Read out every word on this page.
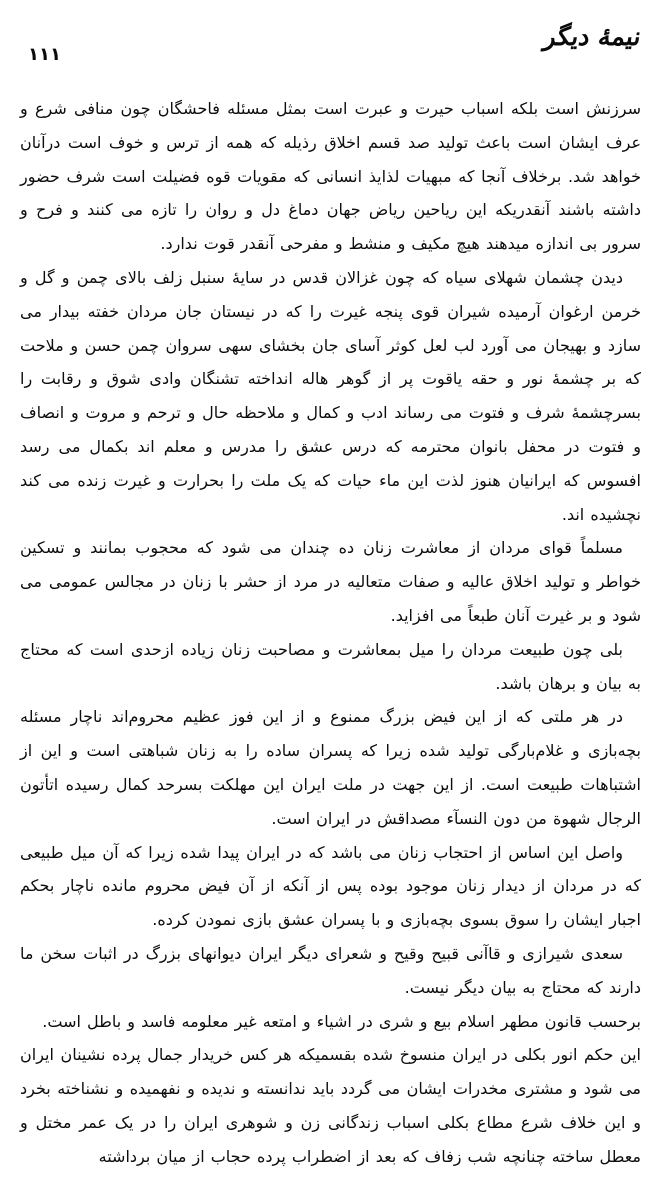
نیمۀ دیگر
۱۱۱

سرزنش است بلکه اسباب حیرت و عبرت است بمثل مسئله فاحشگان چون منافی شرع و عرف ایشان است باعث تولید صد قسم اخلاق رذیله که همه از ترس و خوف است درآنان خواهد شد. برخلاف آنجا که مبهیات لذایذ انسانی که مقویات قوه فضیلت است شرف حضور داشته باشند آنقدریکه این ریاحین ریاض جهان دماغ دل و روان را تازه می کنند و فرح و سرور بی اندازه میدهند هیچ مکیف و منشط و مفرحی آنقدر قوت ندارد.

دیدن چشمان شهلای سیاه که چون غزالان قدس در سایۀ سنبل زلف بالای چمن و گل و خرمن ارغوان آرمیده شیران قوی پنجه غیرت را که در نیستان جان مردان خفته بیدار می سازد و بهیجان می آورد لب لعل کوثر آسای جان بخشای سهی سروان چمن حسن و ملاحت که بر چشمۀ نور و حقه یاقوت پر از گوهر هاله انداخته تشنگان وادی شوق و رقابت را بسرچشمۀ شرف و فتوت می رساند ادب و کمال و ملاحظه حال و ترحم و مروت و انصاف و فتوت در محفل بانوان محترمه که درس عشق را مدرس و معلم اند بکمال می رسد افسوس که ایرانیان هنوز لذت این ماء حیات که یک ملت را بحرارت و غیرت زنده می کند نچشیده اند.

مسلماً قوای مردان از معاشرت زنان ده چندان می شود که محجوب بمانند و تسکین خواطر و تولید اخلاق عالیه و صفات متعالیه در مرد از حشر با زنان در مجالس عمومی می شود و بر غیرت آنان طبعاً می افزاید.

بلی چون طبیعت مردان را میل بمعاشرت و مصاحبت زنان زیاده ازحدی است که محتاج به بیان و برهان باشد.

در هر ملتی که از این فیض بزرگ ممنوع و از این فوز عظیم محروم‌اند ناچار مسئله بچه‌بازی و غلام‌بارگی تولید شده زیرا که پسران ساده را به زنان شباهتی است و این از اشتباهات طبیعت است. از این جهت در ملت ایران این مهلکت بسرحد کمال رسیده اتأتون الرجال شهوة من دون النسآء مصداقش در ایران است.

واصل این اساس از احتجاب زنان می باشد که در ایران پیدا شده زیرا که آن میل طبیعی که در مردان از دیدار زنان موجود بوده پس از آنکه از آن فیض محروم مانده ناچار بحکم اجبار ایشان را سوق بسوی بچه‌بازی و با پسران عشق بازی نمودن کرده.

سعدی شیرازی و قاآنی قبیح وقیح و شعرای دیگر ایران دیوانهای بزرگ در اثبات سخن ما دارند که محتاج به بیان دیگر نیست.

برحسب قانون مطهر اسلام بیع و شری در اشیاء و امتعه غیر معلومه فاسد و باطل است.

این حکم انور بکلی در ایران منسوخ شده بقسمیکه هر کس خریدار جمال پرده نشینان ایران می شود و مشتری مخدرات ایشان می گردد باید ندانسته و ندیده و نفهمیده و نشناخته بخرد و این خلاف شرع مطاع بکلی اسباب زندگانی زن و شوهری ایران را در یک عمر مختل و معطل ساخته چنانچه شب زفاف که بعد از اضطراب پرده حجاب از میان برداشته
